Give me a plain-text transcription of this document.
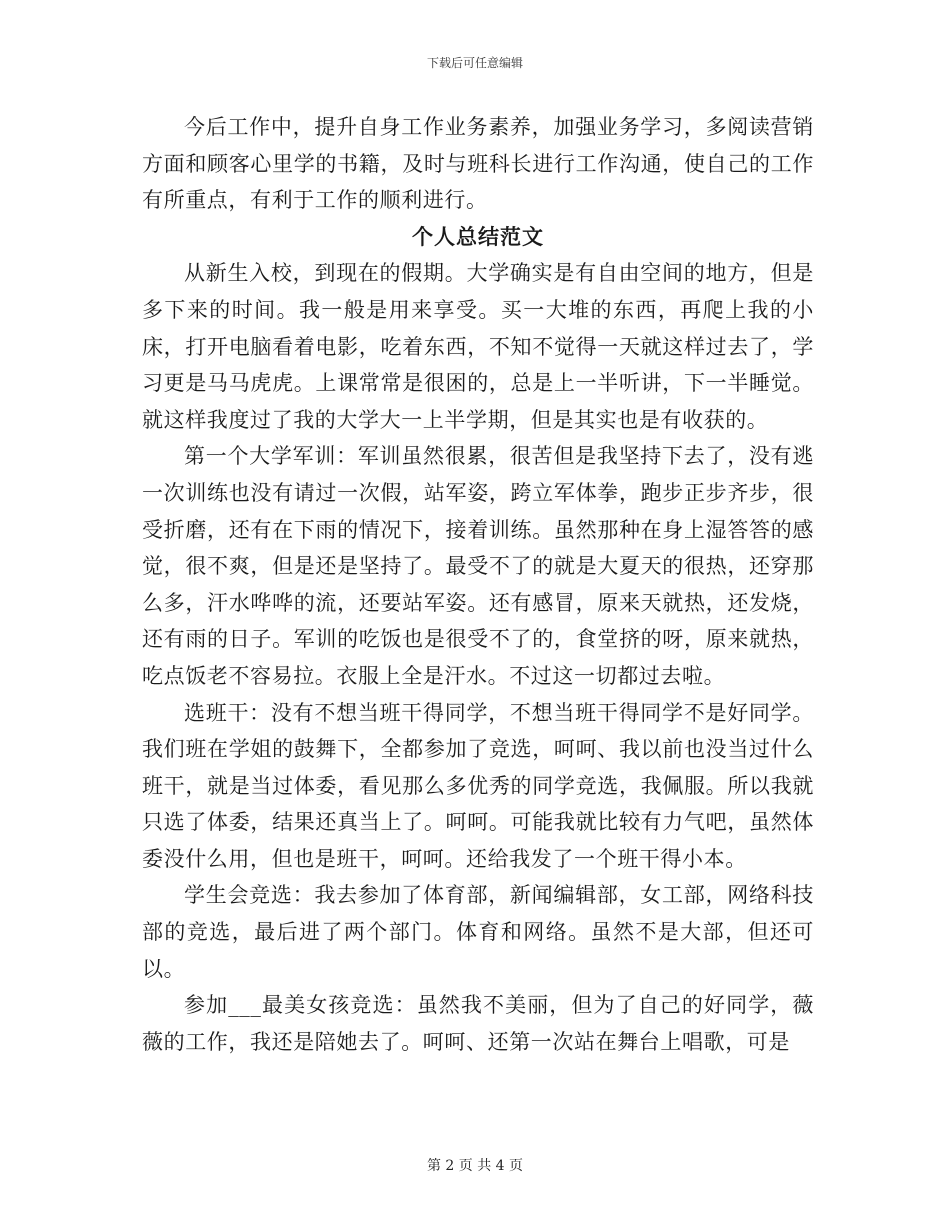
下载后可任意编辑

今后工作中，提升自身工作业务素养，加强业务学习，多阅读营销方面和顾客心里学的书籍，及时与班科长进行工作沟通，使自己的工作有所重点，有利于工作的顺利进行。

个人总结范文

从新生入校，到现在的假期。大学确实是有自由空间的地方，但是多下来的时间。我一般是用来享受。买一大堆的东西，再爬上我的小床，打开电脑看着电影，吃着东西，不知不觉得一天就这样过去了，学习更是马马虎虎。上课常常是很困的，总是上一半听讲，下一半睡觉。就这样我度过了我的大学大一上半学期，但是其实也是有收获的。

第一个大学军训：军训虽然很累，很苦但是我坚持下去了，没有逃一次训练也没有请过一次假，站军姿，跨立军体拳，跑步正步齐步，很受折磨，还有在下雨的情况下，接着训练。虽然那种在身上湿答答的感觉，很不爽，但是还是坚持了。最受不了的就是大夏天的很热，还穿那么多，汗水哗哗的流，还要站军姿。还有感冒，原来天就热，还发烧，还有雨的日子。军训的吃饭也是很受不了的，食堂挤的呀，原来就热，吃点饭老不容易拉。衣服上全是汗水。不过这一切都过去啦。

选班干：没有不想当班干得同学，不想当班干得同学不是好同学。我们班在学姐的鼓舞下，全都参加了竞选，呵呵、我以前也没当过什么班干，就是当过体委，看见那么多优秀的同学竞选，我佩服。所以我就只选了体委，结果还真当上了。呵呵。可能我就比较有力气吧，虽然体委没什么用，但也是班干，呵呵。还给我发了一个班干得小本。

学生会竞选：我去参加了体育部，新闻编辑部，女工部，网络科技部的竞选，最后进了两个部门。体育和网络。虽然不是大部，但还可以。

参加___最美女孩竞选：虽然我不美丽，但为了自己的好同学，薇薇的工作，我还是陪她去了。呵呵、还第一次站在舞台上唱歌，可是

第 2 页 共 4 页
